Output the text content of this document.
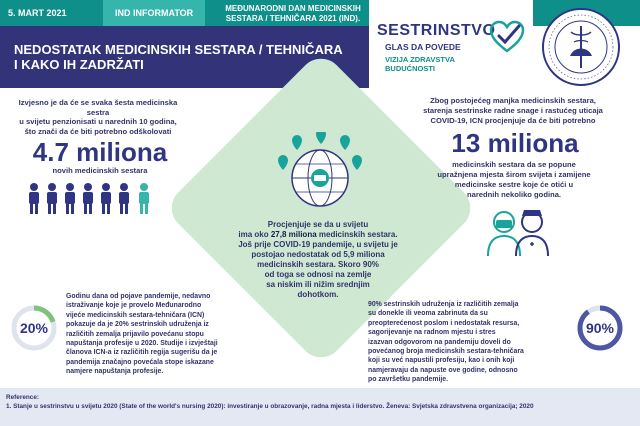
5. MART 2021	IND INFORMATOR	MEĐUNARODNI DAN MEDICINSKIH
SESTARA / TEHNIČARA 2021 (IND).
NEDOSTATAK MEDICINSKIH SESTARA / TEHNIČARA
I KAKO IH ZADRŽATI
SESTRINSTVO
GLAS DA POVEDE
VIZIJA ZDRAVSTVA
BUDUĆNOSTI
Izvjesno je da će se svaka šesta medicinska sestra
u svijetu penzionisati u narednih 10 godina,
što znači da će biti potrebno odškolovati
4.7 miliona
novih medicinskih sestara
Procjenjuje se da u svijetu
ima oko 27,8 miliona medicinskih sestara.
Još prije COVID-19 pandemije, u svijetu je
postojao nedostatak od 5,9 miliona
medicinskih sestara. Skoro 90%
od toga se odnosi na zemlje
sa niskim ili nižim srednjim
dohotkom.
Zbog postojećeg manjka medicinskih sestara,
starenja sestrinske radne snage i rastućeg uticaja
COVID-19, ICN procjenjuje da će biti potrebno
13 miliona
medicinskih sestara da se popune
upražnjena mjesta širom svijeta i zamijene
medicinske sestre koje će otići u
narednih nekoliko godina.
20%
Godinu dana od pojave pandemije, nedavno
istraživanje koje je provelo Međunarodno
vijeće medicinskih sestara-tehničara (ICN)
pokazuje da je 20% sestrinskih udruženja iz
različitih zemalja prijavilo povećanu stopu
napuštanja profesije u 2020. Studije i izvještaji
članova ICN-a iz različitih regija sugerišu da je
pandemija značajno povećala stope iskazane
namjere napuštanja profesije.
90%
90% sestrinskih udruženja iz različitih zemalja
su donekle ili veoma zabrinuta da su
preopterećenost poslom i nedostatak resursa,
sagorijevanje na radnom mjestu i stres
izazvan odgovorom na pandemiju doveli do
povećanog broja medicinskih sestara-tehničara
koji su već napustili profesiju, kao i onih koji
namjeravaju da napuste ove godine, odnosno
po završetku pandemije.
Reference:
1. Stanje u sestrinstvu u svijetu 2020 (State of the world's nursing 2020): investiranje u obrazovanje, radna mjesta i liderstvo. Ženeva: Svjetska zdravstvena organizacija; 2020
